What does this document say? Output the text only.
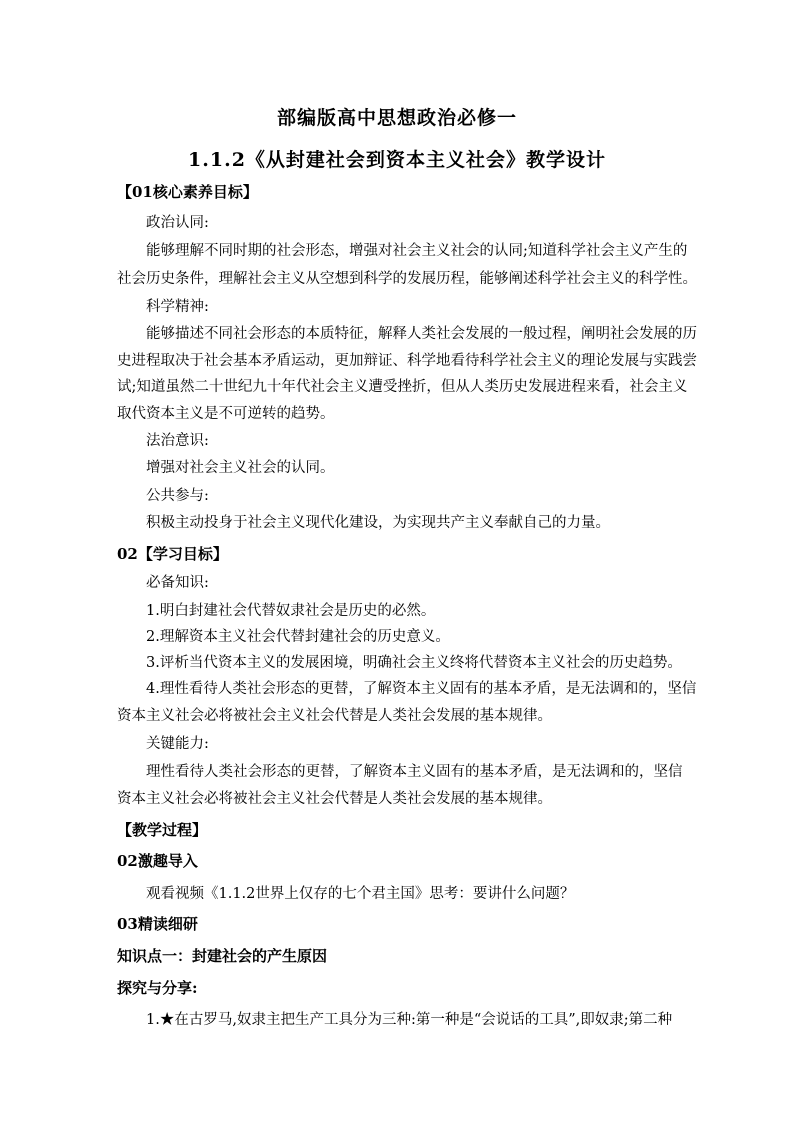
部编版高中思想政治必修一
1.1.2《从封建社会到资本主义社会》教学设计
【01核心素养目标】
政治认同:
能够理解不同时期的社会形态，增强对社会主义社会的认同;知道科学社会主义产生的
社会历史条件，理解社会主义从空想到科学的发展历程，能够阐述科学社会主义的科学性。
科学精神:
能够描述不同社会形态的本质特征，解释人类社会发展的一般过程，阐明社会发展的历
史进程取决于社会基本矛盾运动，更加辩证、科学地看待科学社会主义的理论发展与实践尝
试;知道虽然二十世纪九十年代社会主义遭受挫折，但从人类历史发展进程来看，社会主义
取代资本主义是不可逆转的趋势。
法治意识:
增强对社会主义社会的认同。
公共参与:
积极主动投身于社会主义现代化建设，为实现共产主义奉献自己的力量。
02【学习目标】
必备知识:
1.明白封建社会代替奴隶社会是历史的必然。
2.理解资本主义社会代替封建社会的历史意义。
3.评析当代资本主义的发展困境，明确社会主义终将代替资本主义社会的历史趋势。
4.理性看待人类社会形态的更替，了解资本主义固有的基本矛盾，是无法调和的，坚信
资本主义社会必将被社会主义社会代替是人类社会发展的基本规律。
关键能力:
理性看待人类社会形态的更替，了解资本主义固有的基本矛盾，是无法调和的，坚信
资本主义社会必将被社会主义社会代替是人类社会发展的基本规律。
【教学过程】
02激趣导入
观看视频《1.1.2世界上仅存的七个君主国》思考：要讲什么问题？
03精读细研
知识点一：封建社会的产生原因
探究与分享:
1.★在古罗马,奴隶主把生产工具分为三种:第一种是“会说话的工具”,即奴隶;第二种
